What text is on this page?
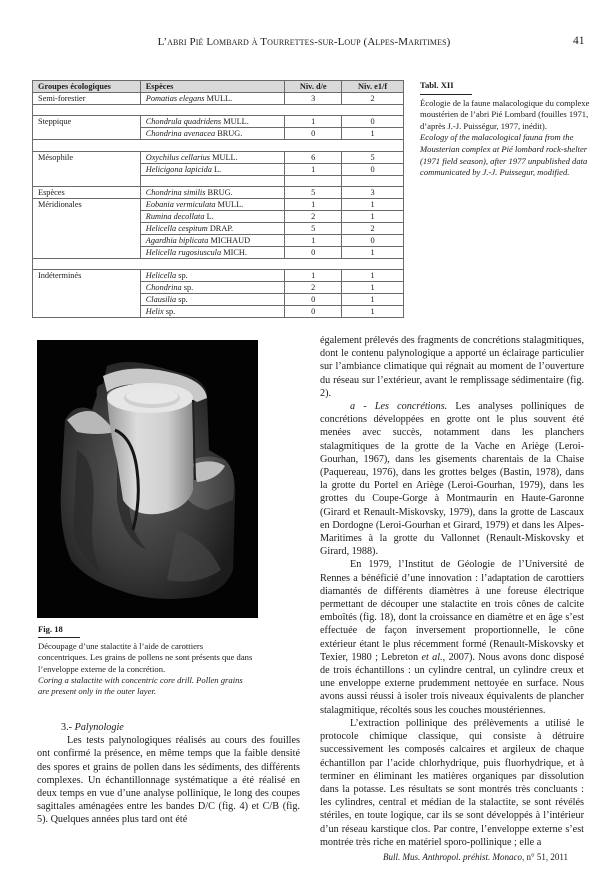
L’abri Pié Lombard à Tourrettes-sur-Loup (Alpes-Maritimes)	41
Groupes écologiques	Espèces	Niv. d/e	Niv. e1/f
Semi-forestier	Pomatias elegans MULL.	3	2

Steppique	Chondrula quadridens MULL.	1	0
	Chondrina avenacea BRUG.	0	1

Mésophile	Oxychilus cellarius MULL.	6	5
	Helicigona lapicida L.	1	0

Espèces	Chondrina similis BRUG.	5	3
Méridionales	Eobania vermiculata MULL.	1	1
	Rumina decollata L.	2	1
	Helicella cespitum DRAP.	5	2
	Agardhia biplicata MICHAUD	1	0
	Helicella rugosiuscula MICH.	0	1

Indéterminés	Helicella sp.	1	1
	Chondrina sp.	2	1
	Clausilia sp.	0	1
	Helix sp.	0	1
Tabl. XII
Écologie de la faune malacologique du complexe moustérien de l’abri Pié Lombard (fouilles 1971, d’après J.-J. Puisségur, 1977, inédit).
Ecology of the malacological fauna from the Mousterian complex at Pié lombard rock-shelter (1971 field season), after 1977 unpublished data communicated by J.-J. Puissegur, modified.
Fig. 18
Découpage d’une stalactite à l’aide de carottiers concentriques. Les grains de pollens ne sont présents que dans l’enveloppe externe de la concrétion.
Coring a stalactite with concentric core drill. Pollen grains are present only in the outer layer.

3.- Palynologie

Les tests palynologiques réalisés au cours des fouilles ont confirmé la présence, en même temps que la faible densité des spores et grains de pollen dans les sédiments, des différents complexes. Un échantillonnage systématique a été réalisé en deux temps en vue d’une analyse pollinique, le long des coupes sagittales aménagées entre les bandes D/C (fig. 4) et C/B (fig. 5). Quelques années plus tard ont été

également prélevés des fragments de concrétions stalagmitiques, dont le contenu palynologique a apporté un éclairage particulier sur l’ambiance climatique qui régnait au moment de l’ouverture du réseau sur l’extérieur, avant le remplissage sédimentaire (fig. 2).

a - Les concrétions. Les analyses polliniques de concrétions développées en grotte ont le plus souvent été menées avec succès, notamment dans les planchers stalagmitiques de la grotte de la Vache en Ariège (Leroi-Gourhan, 1967), dans les gisements charentais de la Chaise (Paquereau, 1976), dans les grottes belges (Bastin, 1978), dans la grotte du Portel en Ariège (Leroi-Gourhan, 1979), dans les grottes du Coupe-Gorge à Montmaurin en Haute-Garonne (Girard et Renault-Miskovsky, 1979), dans la grotte de Lascaux en Dordogne (Leroi-Gourhan et Girard, 1979) et dans les Alpes-Maritimes à la grotte du Vallonnet (Renault-Miskovsky et Girard, 1988).

En 1979, l’Institut de Géologie de l’Université de Rennes a bénéficié d’une innovation : l’adaptation de carottiers diamantés de différents diamètres à une foreuse électrique permettant de découper une stalactite en trois cônes de calcite emboîtés (fig. 18), dont la croissance en diamètre et en âge s’est effectuée de façon inversement proportionnelle, le cône extérieur étant le plus récemment formé (Renault-Miskovsky et Texier, 1980 ; Lebreton et al., 2007). Nous avons donc disposé de trois échantillons : un cylindre central, un cylindre creux et une enveloppe externe prudemment nettoyée en surface. Nous avons aussi réussi à isoler trois niveaux équivalents de plancher stalagmitique, récoltés sous les couches moustériennes.

L’extraction pollinique des prélèvements a utilisé le protocole chimique classique, qui consiste à détruire successivement les composés calcaires et argileux de chaque échantillon par l’acide chlorhydrique, puis fluorhydrique, et à terminer en éliminant les matières organiques par dissolution dans la potasse. Les résultats se sont montrés très concluants : les cylindres, central et médian de la stalactite, se sont révélés stériles, en toute logique, car ils se sont développés à l’intérieur d’un réseau karstique clos. Par contre, l’enveloppe externe s’est montrée très riche en matériel sporo-pollinique ; elle a

Bull. Mus. Anthropol. préhist. Monaco, n° 51, 2011
